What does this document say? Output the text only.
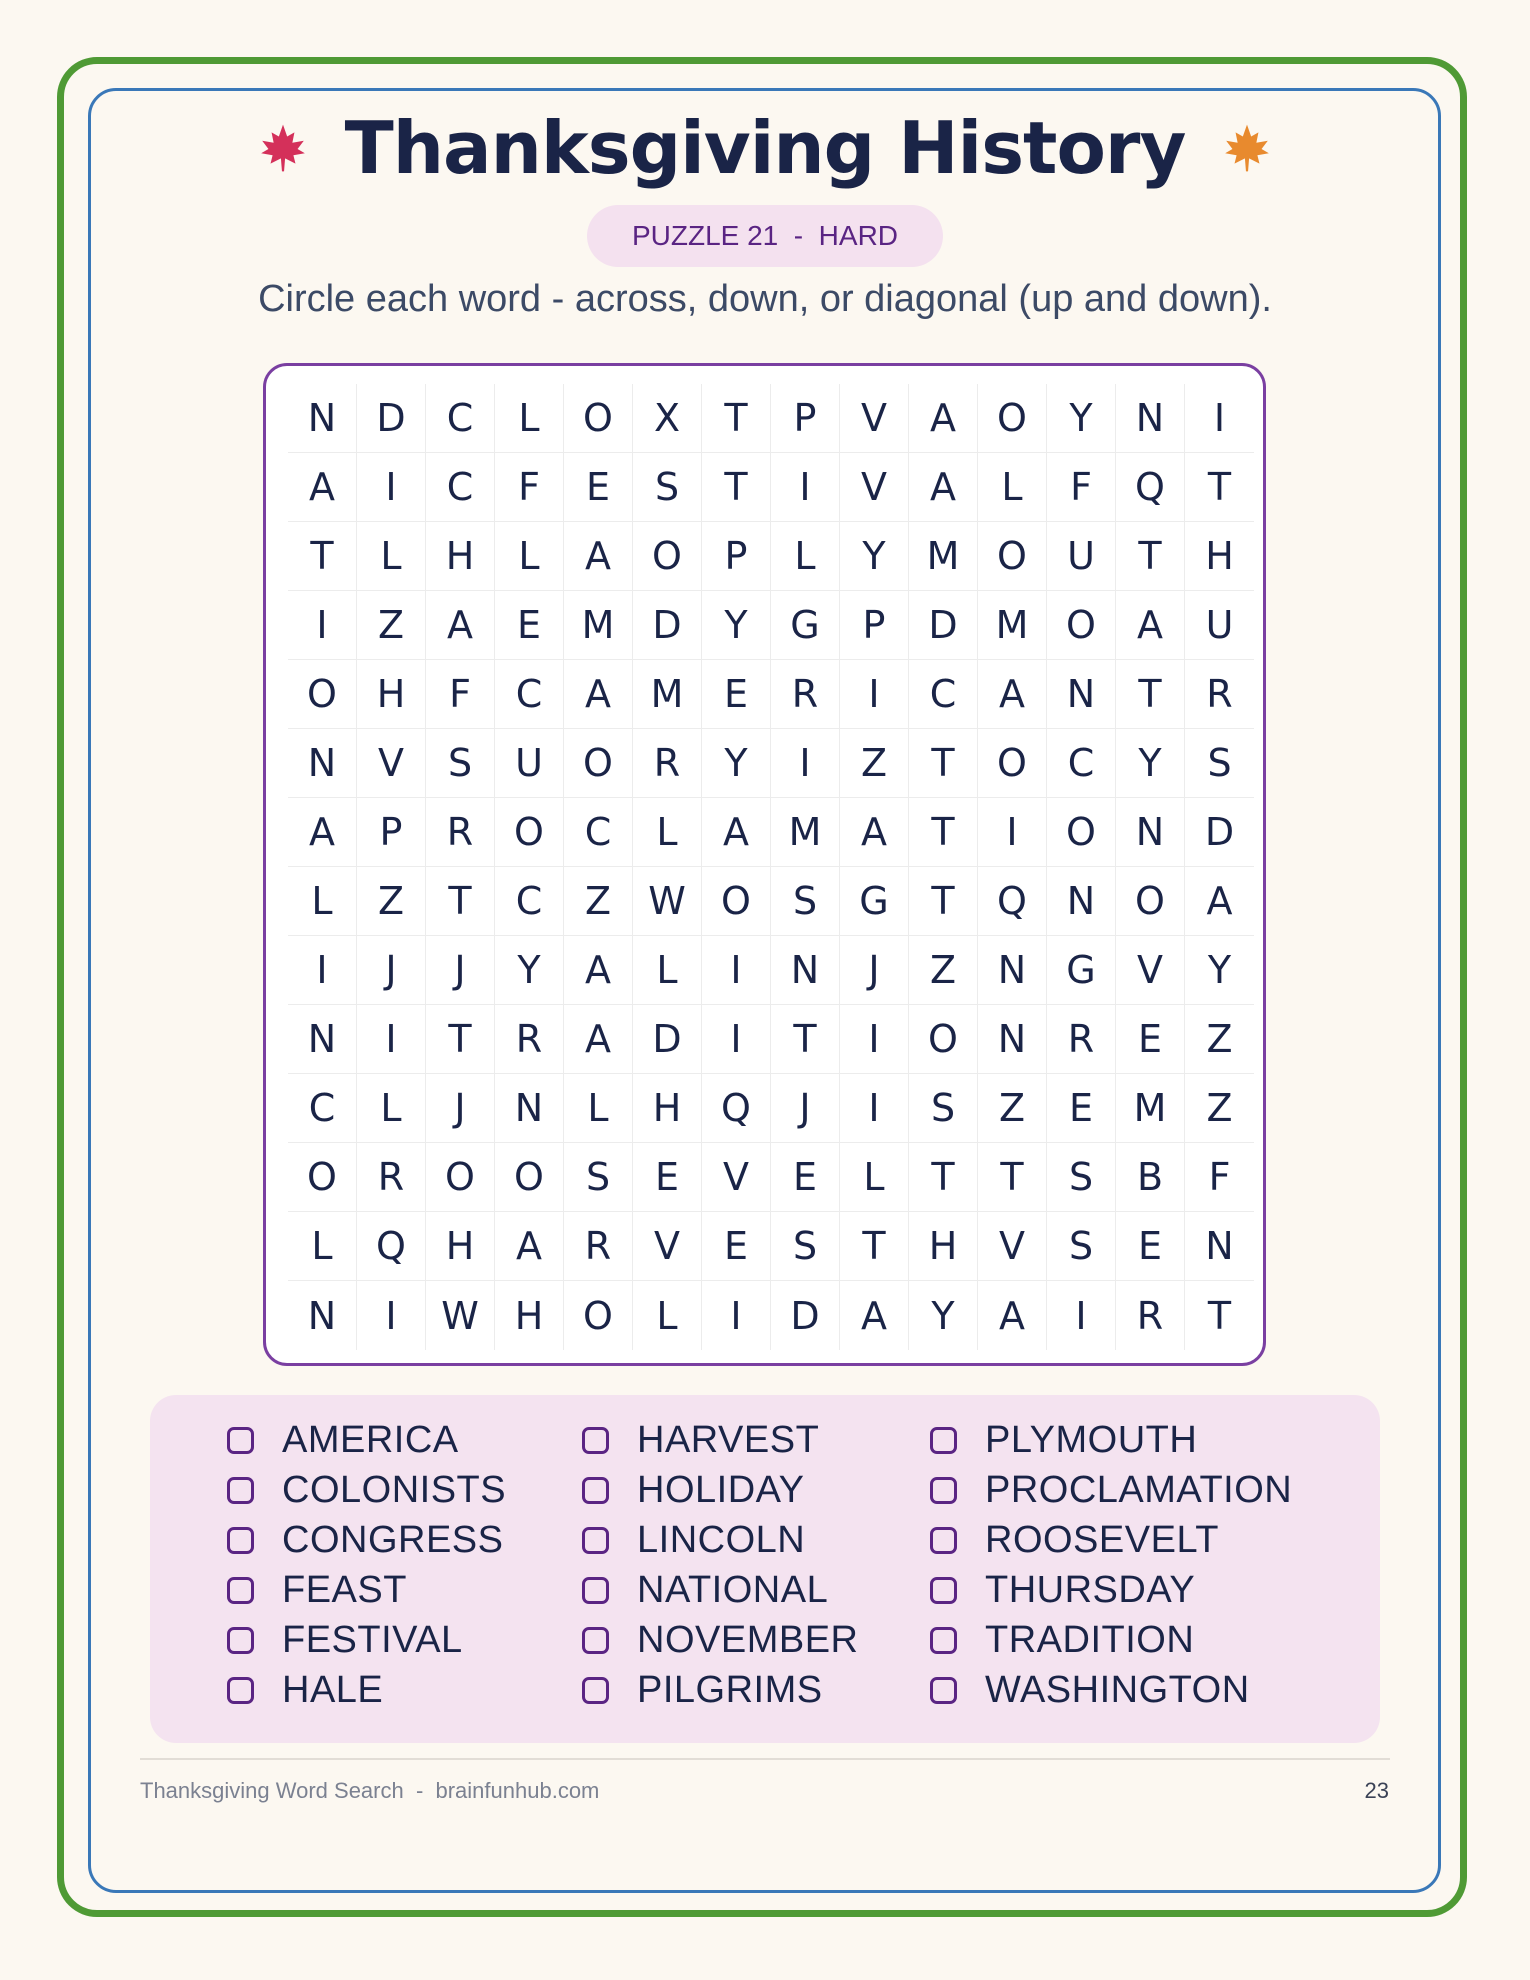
Thanksgiving History
PUZZLE 21  -  HARD
Circle each word - across, down, or diagonal (up and down).
N	D	C	L	O	X	T	P	V	A	O	Y	N	I
A	I	C	F	E	S	T	I	V	A	L	F	Q	T
T	L	H	L	A	O	P	L	Y	M O	U	T	H
I	Z	A	E	M D	Y	G	P	D M O	A	U
O	H	F	C	A	M	E	R	I	C	A	N	T	R
N	V	S	U	O	R	Y	I	Z	T	O	C	Y	S
A	P	R	O	C	L	A	M	A	T	I	O	N	D
L	Z	T	C	Z W O	S	G	T	Q	N	O	A
I	J	J	Y	A	L	I	N	J	Z	N	G	V	Y
N	I	T	R	A	D	I	T	I	O	N	R	E	Z
C	L	J	N	L	H	Q	J	I	S	Z	E	M	Z
O	R	O	O	S	E	V	E	L	T	T	S	B	F
L	Q	H	A	R	V	E	S	T	H	V	S	E	N
N	I	W H	O	L	I	D	A	Y	A	I	R	T
AMERICA
COLONISTS
CONGRESS
FEAST
FESTIVAL
HALE
HARVEST
HOLIDAY
LINCOLN
NATIONAL
NOVEMBER
PILGRIMS
PLYMOUTH
PROCLAMATION
ROOSEVELT
THURSDAY
TRADITION
WASHINGTON
Thanksgiving Word Search  -  brainfunhub.com	23
